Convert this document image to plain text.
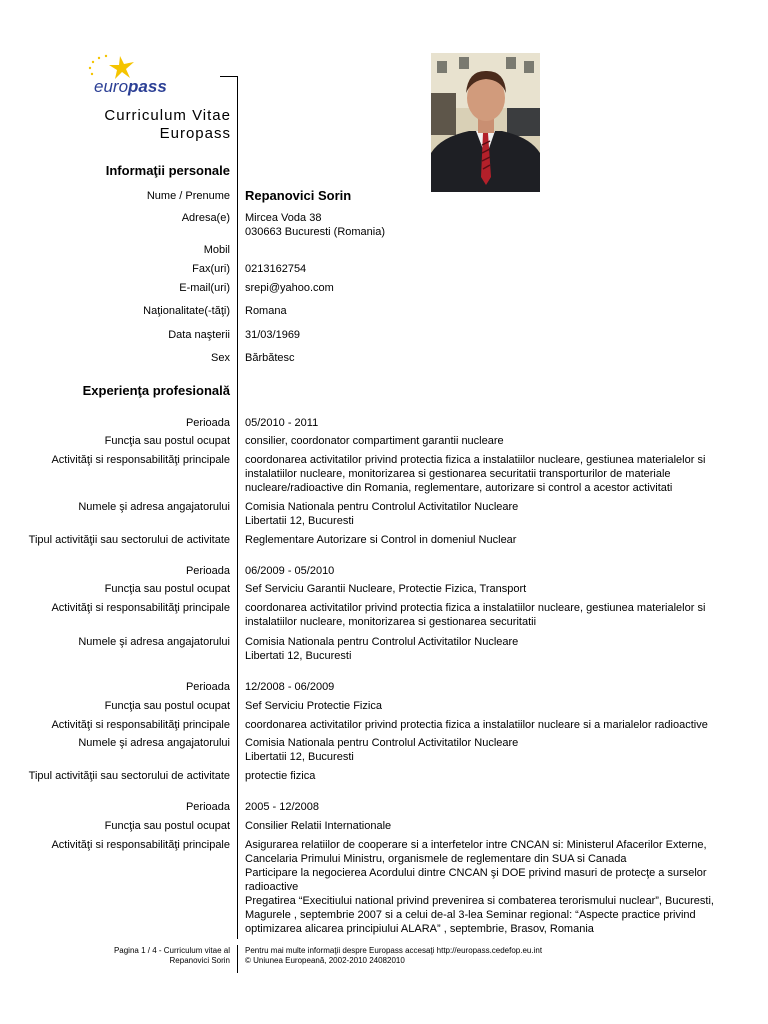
europass
Curriculum Vitae
Europass
Informaţii personale
Experienţa profesională
Nume / Prenume Repanovici Sorin
Adresa(e) Mircea Voda 38
030663 Bucuresti (Romania)
Mobil
Fax(uri) 0213162754
E-mail(uri) srepi@yahoo.com
Naţionalitate(-tăţi) Romana
Data naşterii 31/03/1969
Sex Bărbătesc
Perioada 05/2010 - 2011
Funcţia sau postul ocupat consilier, coordonator compartiment garantii nucleare
Activităţi si responsabilităţi principale coordonarea activitatilor privind protectia fizica a instalatiilor nucleare, gestiunea materialelor si
instalatiilor nucleare, monitorizarea si gestionarea securitatii transporturilor de materiale
nucleare/radioactive din Romania, reglementare, autorizare si control a acestor activitati
Numele şi adresa angajatorului Comisia Nationala pentru Controlul Activitatilor Nucleare
Libertatii 12, Bucuresti
Tipul activităţii sau sectorului de activitate Reglementare Autorizare si Control in domeniul Nuclear
Perioada 06/2009 - 05/2010
Funcţia sau postul ocupat Sef Serviciu Garantii Nucleare, Protectie Fizica, Transport
Activităţi si responsabilităţi principale coordonarea activitatilor privind protectia fizica a instalatiilor nucleare, gestiunea materialelor si
instalatiilor nucleare, monitorizarea si gestionarea securitatii
Numele şi adresa angajatorului Comisia Nationala pentru Controlul Activitatilor Nucleare
Libertati 12, Bucuresti
Perioada 12/2008 - 06/2009
Funcţia sau postul ocupat Sef Serviciu Protectie Fizica
Activităţi si responsabilităţi principale coordonarea activitatilor privind protectia fizica a instalatiilor nucleare si a marialelor radioactive
Numele şi adresa angajatorului Comisia Nationala pentru Controlul Activitatilor Nucleare
Libertatii 12, Bucuresti
Tipul activităţii sau sectorului de activitate protectie fizica
Perioada 2005 - 12/2008
Funcţia sau postul ocupat Consilier Relatii Internationale
Activităţi si responsabilităţi principale Asigurarea relatiilor de cooperare si a interfetelor intre CNCAN si: Ministerul Afacerilor Externe,
Cancelaria Primului Ministru, organismele de reglementare din SUA si Canada
Participare la negocierea Acordului dintre CNCAN şi DOE privind masuri de protecţe a surselor
radioactive
Pregatirea “Execitiului national privind prevenirea si combaterea terorismului nuclear”, Bucuresti,
Magurele , septembrie 2007 si a celui de-al 3-lea Seminar regional: “Aspecte practice privind
optimizarea alicarea principiului ALARA” , septembrie, Brasov, Romania
Pagina 1 / 4 - Curriculum vitae al
Repanovici Sorin
Pentru mai multe informaţii despre Europass accesaţi http://europass.cedefop.eu.int
© Uniunea Europeană, 2002-2010 24082010
